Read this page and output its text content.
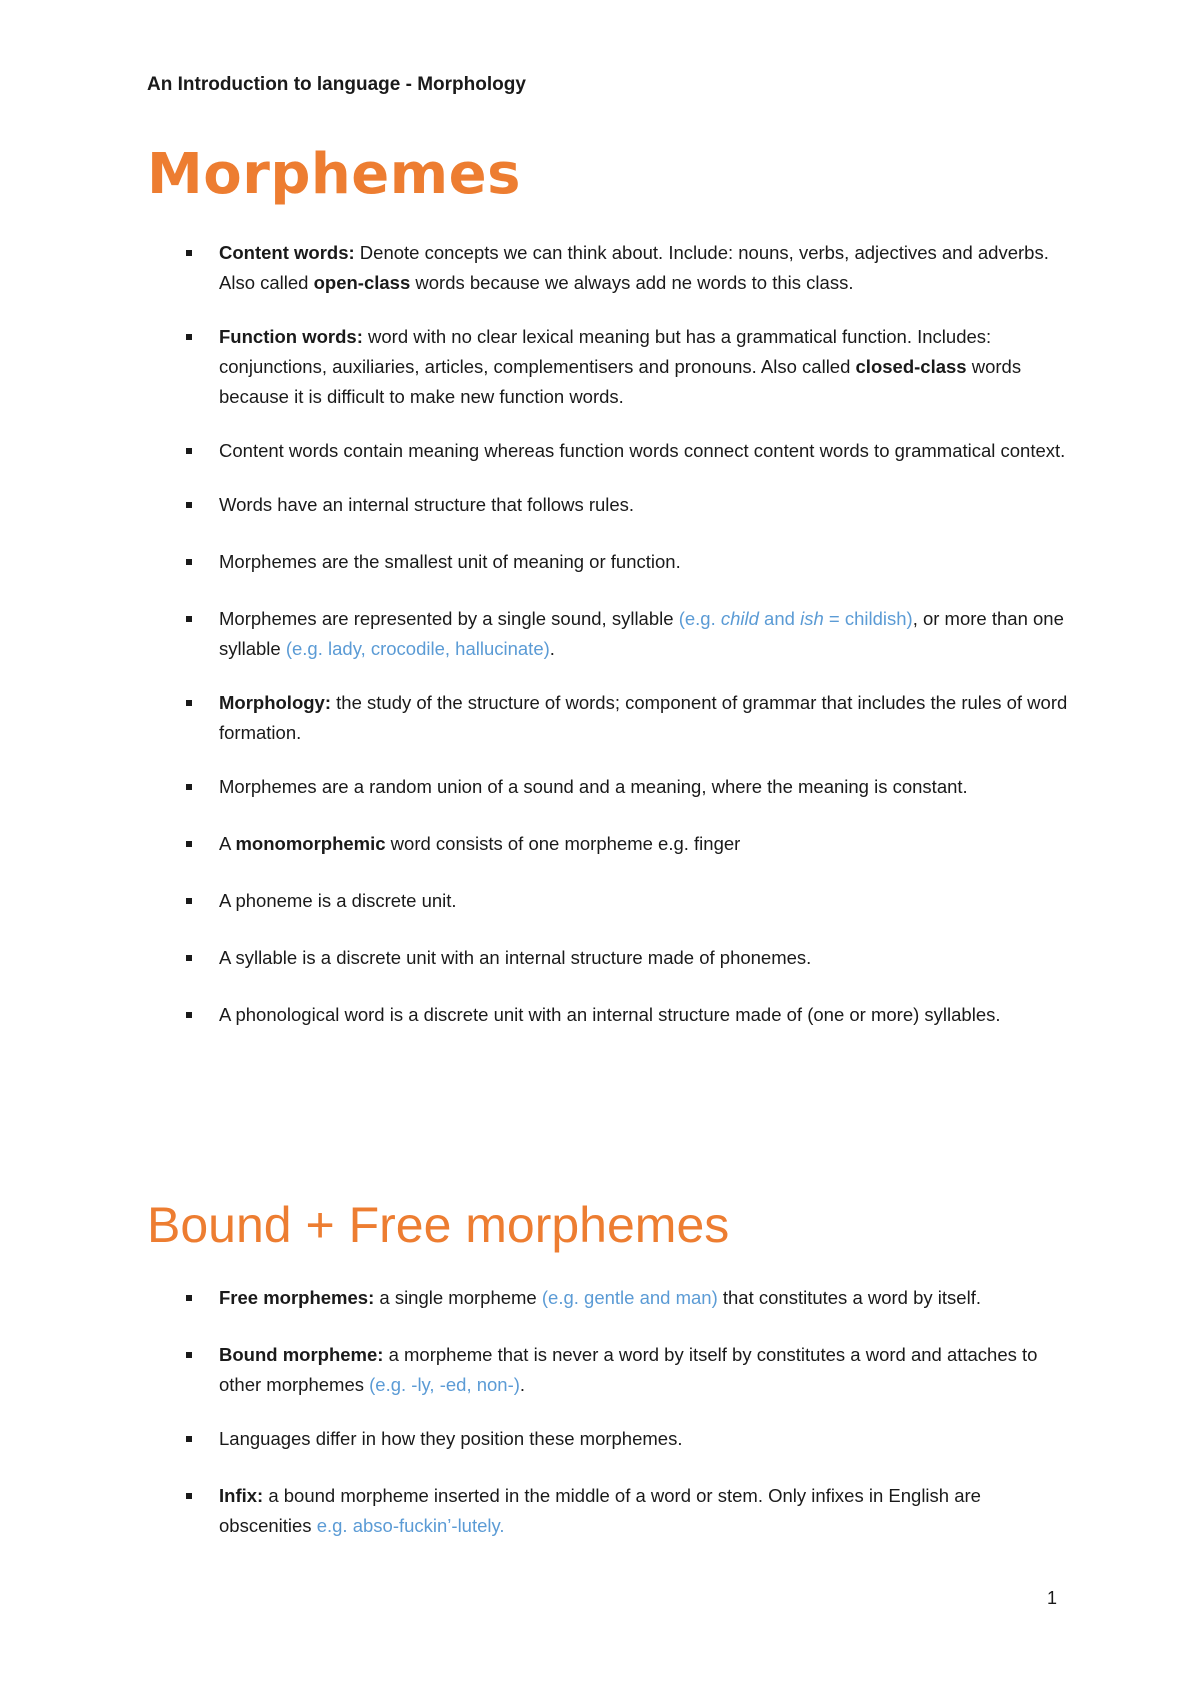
An Introduction to language - Morphology
Morphemes
Content words: Denote concepts we can think about. Include: nouns, verbs, adjectives and adverbs. Also called open-class words because we always add ne words to this class.
Function words: word with no clear lexical meaning but has a grammatical function. Includes: conjunctions, auxiliaries, articles, complementisers and pronouns. Also called closed-class words because it is difficult to make new function words.
Content words contain meaning whereas function words connect content words to grammatical context.
Words have an internal structure that follows rules.
Morphemes are the smallest unit of meaning or function.
Morphemes are represented by a single sound, syllable (e.g. child and ish = childish), or more than one syllable (e.g. lady, crocodile, hallucinate).
Morphology: the study of the structure of words; component of grammar that includes the rules of word formation.
Morphemes are a random union of a sound and a meaning, where the meaning is constant.
A monomorphemic word consists of one morpheme e.g. finger
A phoneme is a discrete unit.
A syllable is a discrete unit with an internal structure made of phonemes.
A phonological word is a discrete unit with an internal structure made of (one or more) syllables.
Bound + Free morphemes
Free morphemes: a single morpheme (e.g. gentle and man) that constitutes a word by itself.
Bound morpheme: a morpheme that is never a word by itself by constitutes a word and attaches to other morphemes (e.g. -ly, -ed, non-).
Languages differ in how they position these morphemes.
Infix: a bound morpheme inserted in the middle of a word or stem. Only infixes in English are obscenities e.g. abso-fuckin’-lutely.
1
